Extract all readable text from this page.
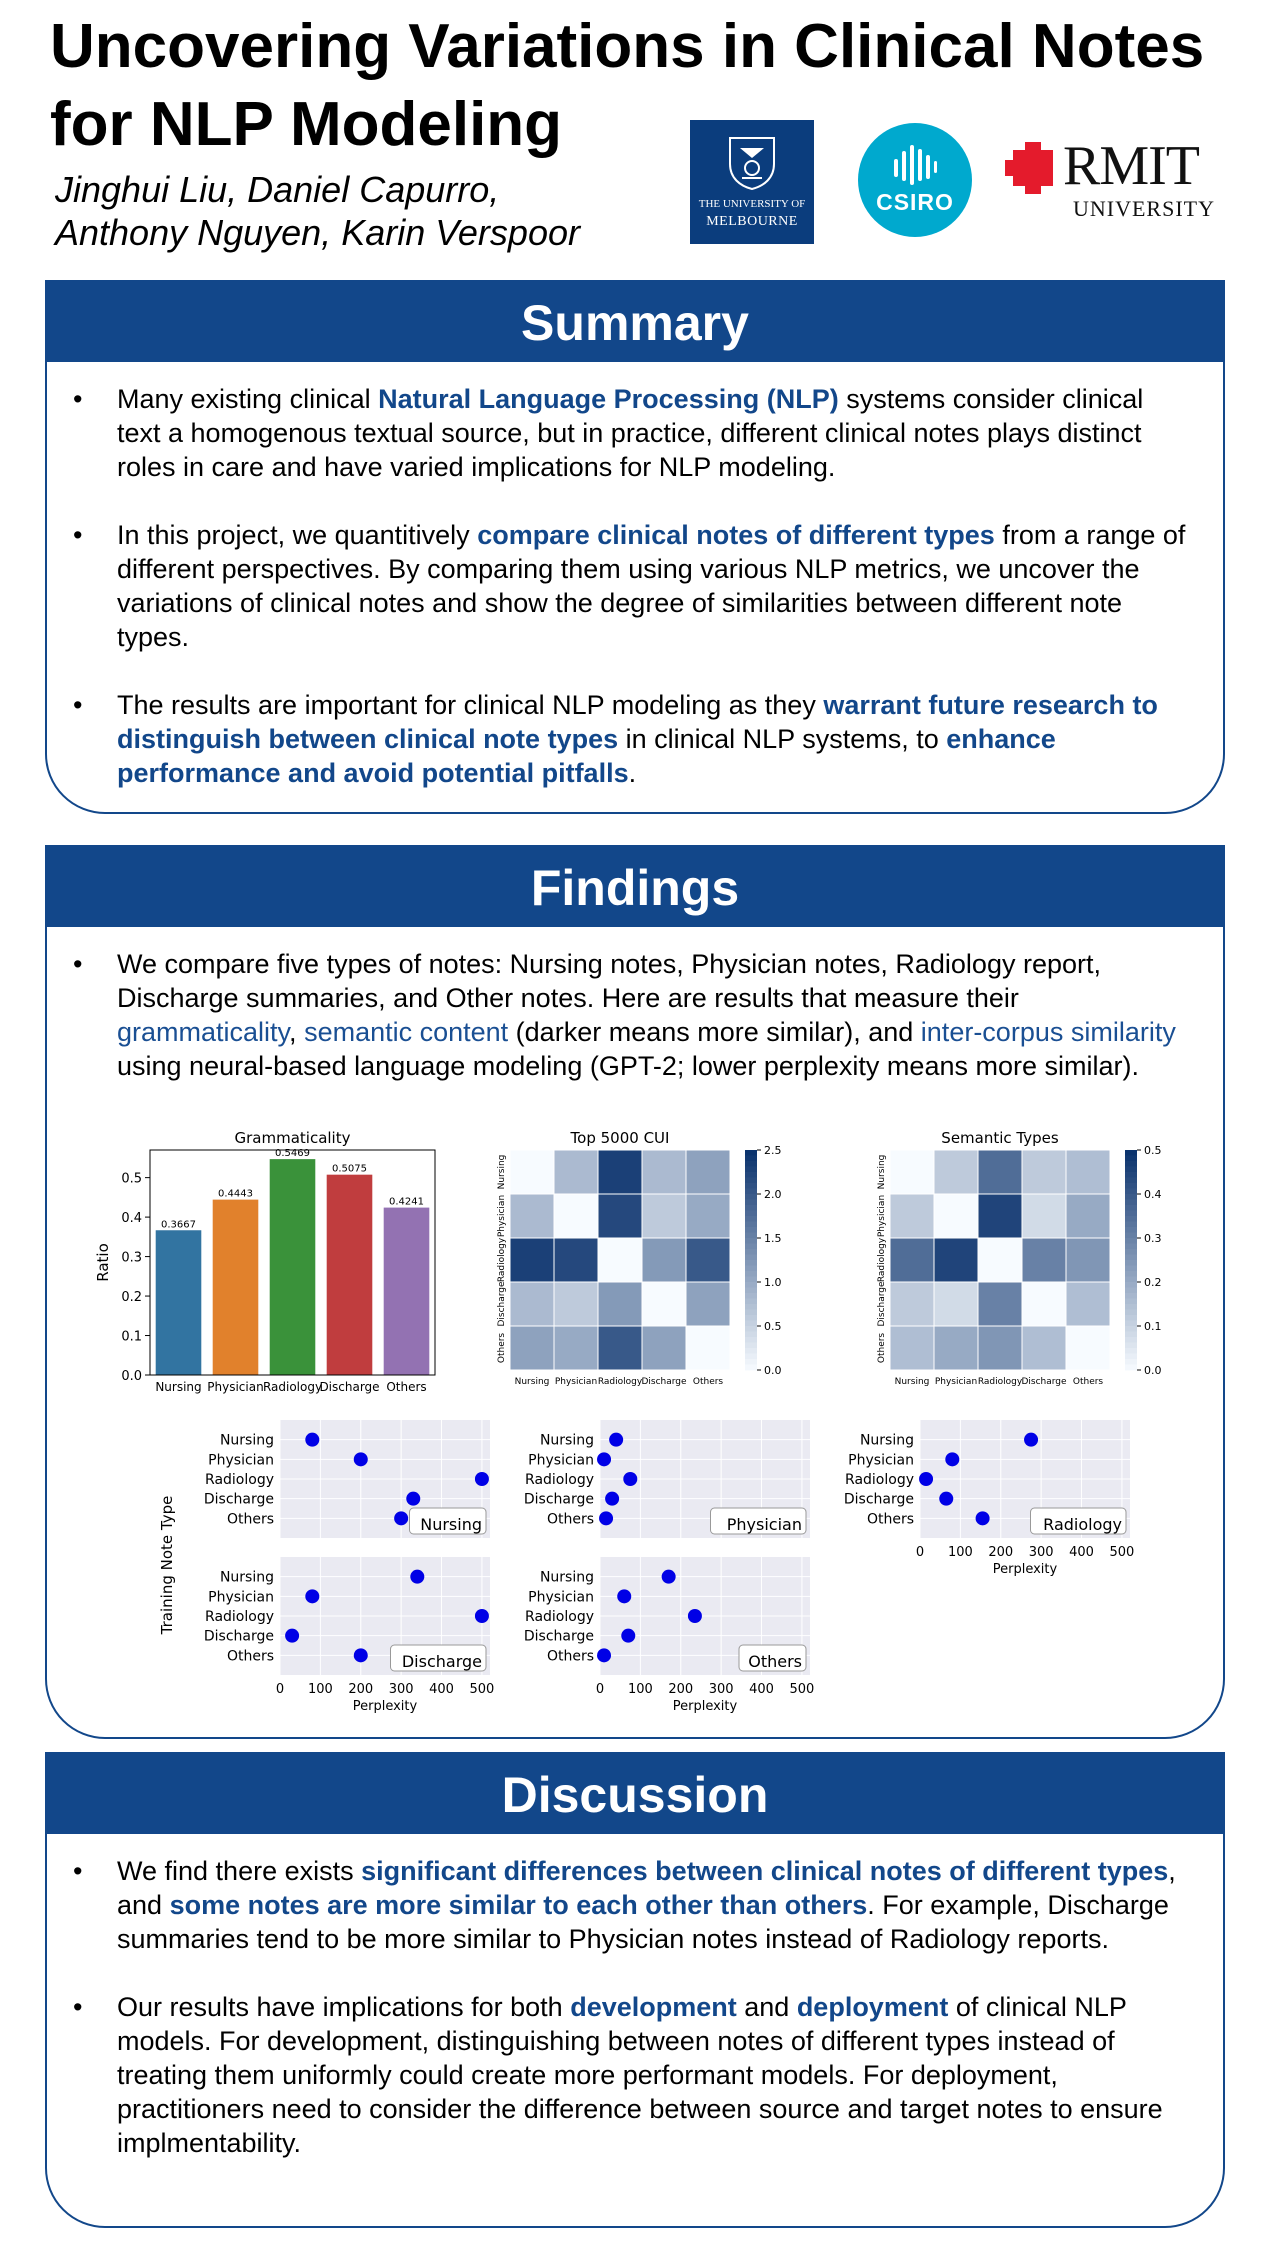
Uncovering Variations in Clinical Notes for NLP Modeling
Jinghui Liu, Daniel Capurro,
Anthony Nguyen, Karin Verspoor
THE UNIVERSITY OF
MELBOURNE
CSIRO
RMIT
UNIVERSITY
Summary
• Many existing clinical Natural Language Processing (NLP) systems consider clinical text a homogenous textual source, but in practice, different clinical notes plays distinct roles in care and have varied implications for NLP modeling.
• In this project, we quantitively compare clinical notes of different types from a range of different perspectives. By comparing them using various NLP metrics, we uncover the variations of clinical notes and show the degree of similarities between different note types.
• The results are important for clinical NLP modeling as they warrant future research to distinguish between clinical note types in clinical NLP systems, to enhance performance and avoid potential pitfalls.
Findings
• We compare five types of notes: Nursing notes, Physician notes, Radiology report, Discharge summaries, and Other notes. Here are results that measure their grammaticality, semantic content (darker means more similar), and inter-corpus similarity using neural-based language modeling (GPT-2; lower perplexity means more similar).
Grammaticality
0.0
0.1
0.2
0.3
0.4
0.5
Ratio
0.3667
Nursing
0.4443
Physician
0.5469
Radiology
0.5075
Discharge
0.4241
Others
Top 5000 CUI
Nursing
Nursing
Physician
Physician
Radiology
Radiology
Discharge
Discharge
Others
Others
0.0
0.5
1.0
1.5
2.0
2.5
Semantic Types
Nursing
Nursing
Physician
Physician
Radiology
Radiology
Discharge
Discharge
Others
Others
0.0
0.1
0.2
0.3
0.4
0.5
Nursing
Physician
Radiology
Discharge
Others	Nursing
Nursing
Physician
Radiology
Discharge
Others	Physician
Nursing
Physician
Radiology
Discharge
Others	Radiology
Nursing
Physician
Radiology
Discharge
Others	Discharge
Nursing
Physician
Radiology
Discharge
Others	Others
0 100 200 300 400 500
Perplexity
0 100 200 300 400 500
Perplexity
0 100 200 300 400 500
Perplexity
Training Note Type
Discussion
• We find there exists significant differences between clinical notes of different types, and some notes are more similar to each other than others. For example, Discharge summaries tend to be more similar to Physician notes instead of Radiology reports.
• Our results have implications for both development and deployment of clinical NLP models. For development, distinguishing between notes of different types instead of treating them uniformly could create more performant models. For deployment, practitioners need to consider the difference between source and target notes to ensure implmentability.
